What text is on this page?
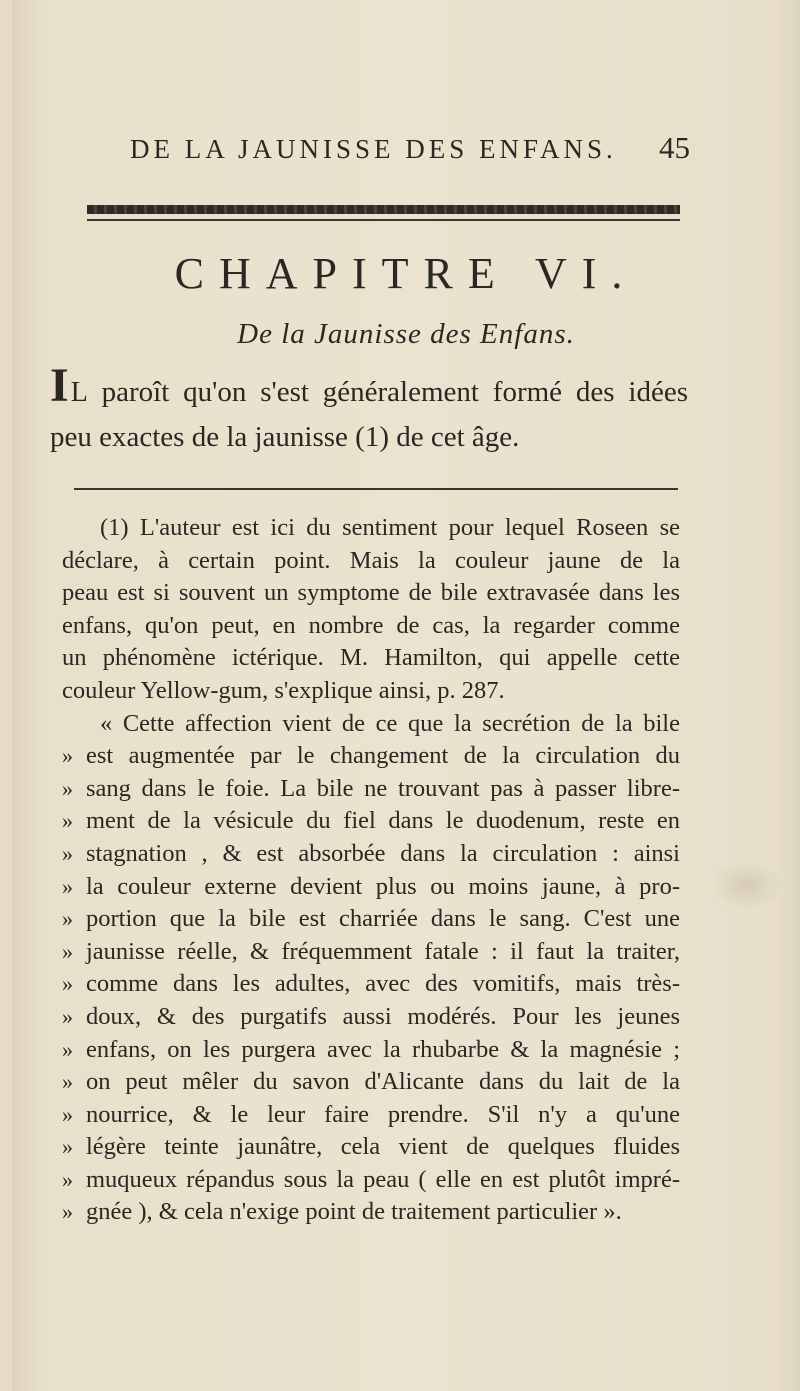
DE LA JAUNISSE DES ENFANS. 45
CHAPITRE VI.
De la Jaunisse des Enfans.
IL paroît qu'on s'est généralement formé des idées peu exactes de la jaunisse (1) de cet âge.
(1) L'auteur est ici du sentiment pour lequel Roseen se
déclare, à certain point. Mais la couleur jaune de la
peau est si souvent un symptome de bile extravasée dans les
enfans, qu'on peut, en nombre de cas, la regarder comme
un phénomène ictérique. M. Hamilton, qui appelle cette
couleur Yellow-gum, s'explique ainsi, p. 287.
« Cette affection vient de ce que la secrétion de la bile
» est augmentée par le changement de la circulation du
» sang dans le foie. La bile ne trouvant pas à passer libre-
» ment de la vésicule du fiel dans le duodenum, reste en
» stagnation , & est absorbée dans la circulation : ainsi
» la couleur externe devient plus ou moins jaune, à pro-
» portion que la bile est charriée dans le sang. C'est une
» jaunisse réelle, & fréquemment fatale : il faut la traiter,
» comme dans les adultes, avec des vomitifs, mais très-
» doux, & des purgatifs aussi modérés. Pour les jeunes
» enfans, on les purgera avec la rhubarbe & la magnésie ;
» on peut mêler du savon d'Alicante dans du lait de la
» nourrice, & le leur faire prendre. S'il n'y a qu'une
» légère teinte jaunâtre, cela vient de quelques fluides
» muqueux répandus sous la peau ( elle en est plutôt impré-
» gnée ), & cela n'exige point de traitement particulier ».
